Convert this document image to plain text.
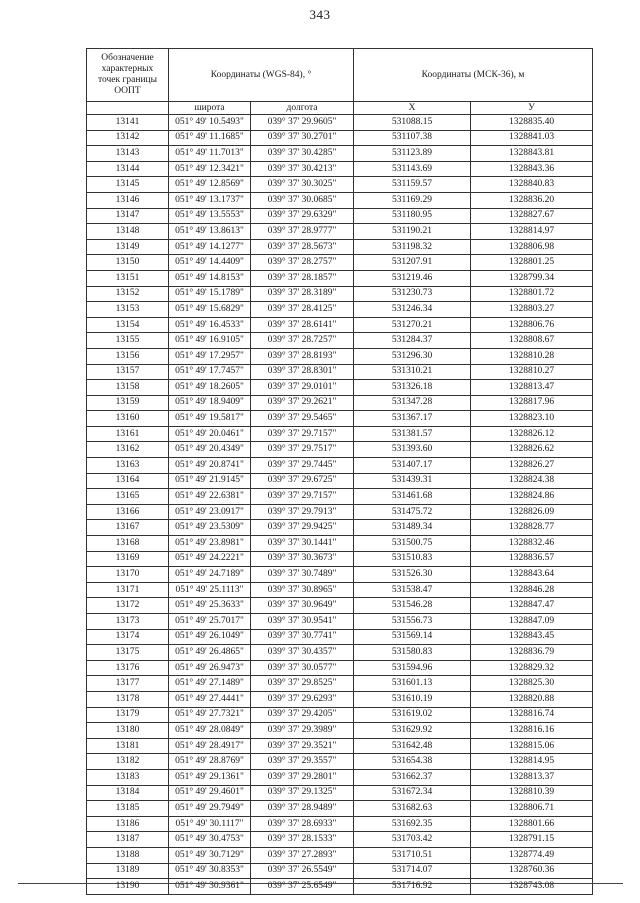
343
Обозначение характерных точек границы ООПТ	Координаты (WGS-84), °		Координаты (МСК-36), м	
	широта	долгота	X	У
13141	051° 49' 10.5493"	039° 37' 29.9605"	531088.15	1328835.40
13142	051° 49' 11.1685"	039° 37' 30.2701"	531107.38	1328841.03
13143	051° 49' 11.7013"	039° 37' 30.4285"	531123.89	1328843.81
13144	051° 49' 12.3421"	039° 37' 30.4213"	531143.69	1328843.36
13145	051° 49' 12.8569"	039° 37' 30.3025"	531159.57	1328840.83
13146	051° 49' 13.1737"	039° 37' 30.0685"	531169.29	1328836.20
13147	051° 49' 13.5553"	039° 37' 29.6329"	531180.95	1328827.67
13148	051° 49' 13.8613"	039° 37' 28.9777"	531190.21	1328814.97
13149	051° 49' 14.1277"	039° 37' 28.5673"	531198.32	1328806.98
13150	051° 49' 14.4409"	039° 37' 28.2757"	531207.91	1328801.25
13151	051° 49' 14.8153"	039° 37' 28.1857"	531219.46	1328799.34
13152	051° 49' 15.1789"	039° 37' 28.3189"	531230.73	1328801.72
13153	051° 49' 15.6829"	039° 37' 28.4125"	531246.34	1328803.27
13154	051° 49' 16.4533"	039° 37' 28.6141"	531270.21	1328806.76
13155	051° 49' 16.9105"	039° 37' 28.7257"	531284.37	1328808.67
13156	051° 49' 17.2957"	039° 37' 28.8193"	531296.30	1328810.28
13157	051° 49' 17.7457"	039° 37' 28.8301"	531310.21	1328810.27
13158	051° 49' 18.2605"	039° 37' 29.0101"	531326.18	1328813.47
13159	051° 49' 18.9409"	039° 37' 29.2621"	531347.28	1328817.96
13160	051° 49' 19.5817"	039° 37' 29.5465"	531367.17	1328823.10
13161	051° 49' 20.0461"	039° 37' 29.7157"	531381.57	1328826.12
13162	051° 49' 20.4349"	039° 37' 29.7517"	531393.60	1328826.62
13163	051° 49' 20.8741"	039° 37' 29.7445"	531407.17	1328826.27
13164	051° 49' 21.9145"	039° 37' 29.6725"	531439.31	1328824.38
13165	051° 49' 22.6381"	039° 37' 29.7157"	531461.68	1328824.86
13166	051° 49' 23.0917"	039° 37' 29.7913"	531475.72	1328826.09
13167	051° 49' 23.5309"	039° 37' 29.9425"	531489.34	1328828.77
13168	051° 49' 23.8981"	039° 37' 30.1441"	531500.75	1328832.46
13169	051° 49' 24.2221"	039° 37' 30.3673"	531510.83	1328836.57
13170	051° 49' 24.7189"	039° 37' 30.7489"	531526.30	1328843.64
13171	051° 49' 25.1113"	039° 37' 30.8965"	531538.47	1328846.28
13172	051° 49' 25.3633"	039° 37' 30.9649"	531546.28	1328847.47
13173	051° 49' 25.7017"	039° 37' 30.9541"	531556.73	1328847.09
13174	051° 49' 26.1049"	039° 37' 30.7741"	531569.14	1328843.45
13175	051° 49' 26.4865"	039° 37' 30.4357"	531580.83	1328836.79
13176	051° 49' 26.9473"	039° 37' 30.0577"	531594.96	1328829.32
13177	051° 49' 27.1489"	039° 37' 29.8525"	531601.13	1328825.30
13178	051° 49' 27.4441"	039° 37' 29.6293"	531610.19	1328820.88
13179	051° 49' 27.7321"	039° 37' 29.4205"	531619.02	1328816.74
13180	051° 49' 28.0849"	039° 37' 29.3989"	531629.92	1328816.16
13181	051° 49' 28.4917"	039° 37' 29.3521"	531642.48	1328815.06
13182	051° 49' 28.8769"	039° 37' 29.3557"	531654.38	1328814.95
13183	051° 49' 29.1361"	039° 37' 29.2801"	531662.37	1328813.37
13184	051° 49' 29.4601"	039° 37' 29.1325"	531672.34	1328810.39
13185	051° 49' 29.7949"	039° 37' 28.9489"	531682.63	1328806.71
13186	051° 49' 30.1117"	039° 37' 28.6933"	531692.35	1328801.66
13187	051° 49' 30.4753"	039° 37' 28.1533"	531703.42	1328791.15
13188	051° 49' 30.7129"	039° 37' 27.2893"	531710.51	1328774.49
13189	051° 49' 30.8353"	039° 37' 26.5549"	531714.07	1328760.36
13190	051° 49' 30.9361"	039° 37' 25.6549"	531716.92	1328743.08
